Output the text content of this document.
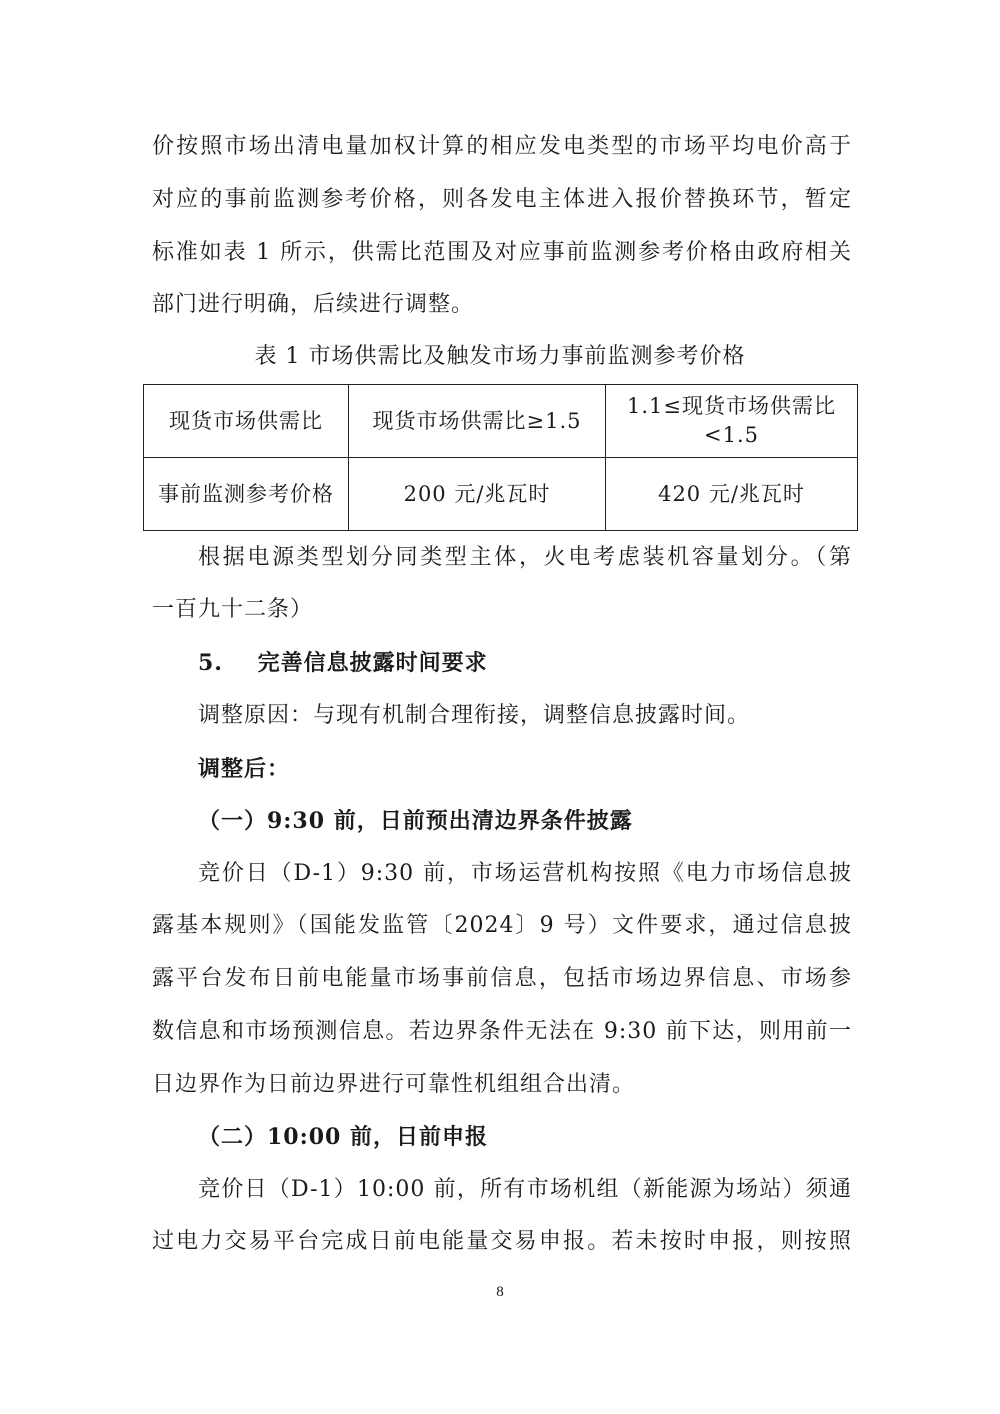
价按照市场出清电量加权计算的相应发电类型的市场平均电价高于
对应的事前监测参考价格，则各发电主体进入报价替换环节，暂定
标准如表 1 所示，供需比范围及对应事前监测参考价格由政府相关
部门进行明确，后续进行调整。
表 1 市场供需比及触发市场力事前监测参考价格
现货市场供需比	现货市场供需比≥1.5	1.1≤现货市场供需比<1.5
事前监测参考价格	200 元/兆瓦时	420 元/兆瓦时
根据电源类型划分同类型主体，火电考虑装机容量划分。（第
一百九十二条）
5.    完善信息披露时间要求
调整原因：与现有机制合理衔接，调整信息披露时间。
调整后：
（一）9:30 前，日前预出清边界条件披露
竞价日（D-1）9:30 前，市场运营机构按照《电力市场信息披
露基本规则》（国能发监管〔2024〕9 号）文件要求，通过信息披
露平台发布日前电能量市场事前信息，包括市场边界信息、市场参
数信息和市场预测信息。若边界条件无法在 9:30 前下达，则用前一
日边界作为日前边界进行可靠性机组组合出清。
（二）10:00 前，日前申报
竞价日（D-1）10:00 前，所有市场机组（新能源为场站）须通
过电力交易平台完成日前电能量交易申报。若未按时申报，则按照
8
